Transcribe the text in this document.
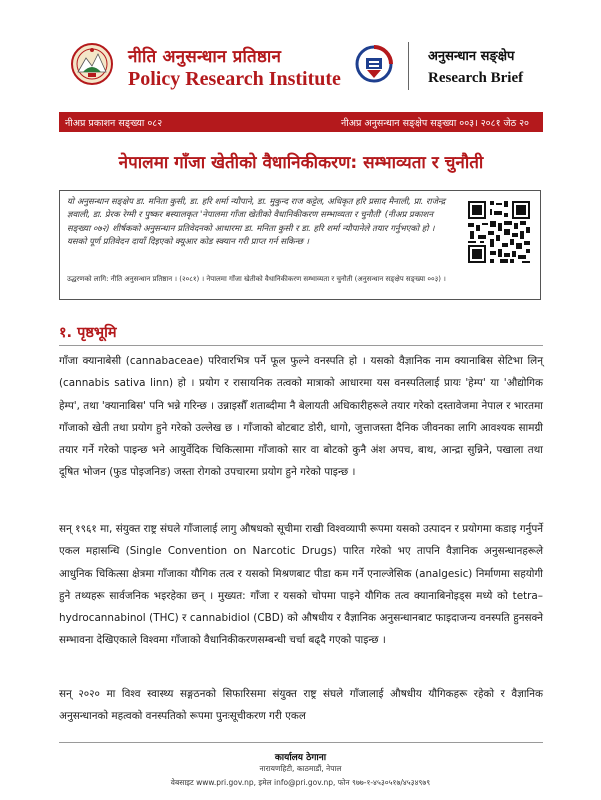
नीति अनुसन्धान प्रतिष्ठान
Policy Research Institute
अनुसन्धान सङ्क्षेप
Research Brief
नीअप्र प्रकाशन सङ्ख्या ०८२	नीअप्र अनुसन्धान सङ्क्षेप सङ्ख्या ००३। २०८१ जेठ २०
नेपालमा गाँजा खेतीको वैधानिकीकरण: सम्भाव्यता र चुनौती
यो अनुसन्धान सङ्क्षेप डा. मनिता कुसी, डा. हरि शर्मा न्यौपाने, डा. मुकुन्द राज कट्टेल, अधिकृत हरि प्रसाद मैनाली, प्रा. राजेन्द्र ज्ञवाली, डा. प्रेरक रेग्मी र पुष्कर बस्यालकृत 'नेपालमा गाँजा खेतीको वैधानिकीकरण सम्भाव्यता र चुनौती' (नीअप्र प्रकाशन सङ्ख्या ०७२) शीर्षकको अनुसन्धान प्रतिवेदनको आधारमा डा. मनिता कुसी र डा. हरि शर्मा न्यौपानेले तयार गर्नुभएको हो । यसको पूर्ण प्रतिवेदन दायाँ दिइएको क्यूआर कोड स्क्यान गरी प्राप्त गर्न सकिन्छ ।
उद्धरणको लागि: नीति अनुसन्धान प्रतिष्ठान । (२०८१) । नेपालमा गाँजा खेतीको वैधानिकीकरण सम्भाव्यता र चुनौती (अनुसन्धान सङ्क्षेप सङ्ख्या ००३) ।
१. पृष्ठभूमि
गाँजा क्यानाबेसी (cannabaceae) परिवारभित्र पर्ने फूल फुल्ने वनस्पति हो । यसको वैज्ञानिक नाम क्यानाबिस सेटिभा लिन् (cannabis sativa linn) हो । प्रयोग र रासायनिक तत्वको मात्राको आधारमा यस वनस्पतिलाई प्रायः 'हेम्प' या 'औद्योगिक हेम्प', तथा 'क्यानाबिस' पनि भन्ने गरिन्छ । उन्नाइसौँ शताब्दीमा नै बेलायती अधिकारीहरूले तयार गरेको दस्तावेजमा नेपाल र भारतमा गाँजाको खेती तथा प्रयोग हुने गरेको उल्लेख छ । गाँजाको बोटबाट डोरी, धागो, जुत्ताजस्ता दैनिक जीवनका लागि आवश्यक सामग्री तयार गर्ने गरेको पाइन्छ भने आयुर्वेदिक चिकित्सामा गाँजाको सार वा बोटको कुनै अंश अपच, बाथ, आन्द्रा सुन्निने, पखाला तथा दूषित भोजन (फुड पोइजनिङ) जस्ता रोगको उपचारमा प्रयोग हुने गरेको पाइन्छ ।
सन् १९६१ मा, संयुक्त राष्ट्र संघले गाँजालाई लागु औषधको सूचीमा राखी विश्वव्यापी रूपमा यसको उत्पादन र प्रयोगमा कडाइ गर्नुपर्ने एकल महासन्धि (Single Convention on Narcotic Drugs) पारित गरेको भए तापनि वैज्ञानिक अनुसन्धानहरूले आधुनिक चिकित्सा क्षेत्रमा गाँजाका यौगिक तत्व र यसको मिश्रणबाट पीडा कम गर्ने एनाल्जेसिक (analgesic) निर्माणमा सहयोगी हुने तथ्यहरू सार्वजनिक भइरहेका छन् । मुख्यत: गाँजा र यसको चोपमा पाइने यौगिक तत्व क्यानाबिनोइड्स मध्ये को tetra–hydrocannabinol (THC) र cannabidiol (CBD) को औषधीय र वैज्ञानिक अनुसन्धानबाट फाइदाजन्य वनस्पति हुनसक्ने सम्भावना देखिएकाले विश्वमा गाँजाको वैधानिकीकरणसम्बन्धी चर्चा बढ्दै गएको पाइन्छ ।
सन् २०२० मा विश्व स्वास्थ्य सङ्गठनको सिफारिसमा संयुक्त राष्ट्र संघले गाँजालाई औषधीय यौगिकहरू रहेको र वैज्ञानिक अनुसन्धानको महत्वको वनस्पतिको रूपमा पुनःसूचीकरण गरी एकल
कार्यालय ठेगाना
नारायणहिटी, काठमाडौं, नेपाल
वेबसाइट www.pri.gov.np, इमेल info@pri.gov.np, फोन ९७७-१-४५३०५१७/४५३४९७९
